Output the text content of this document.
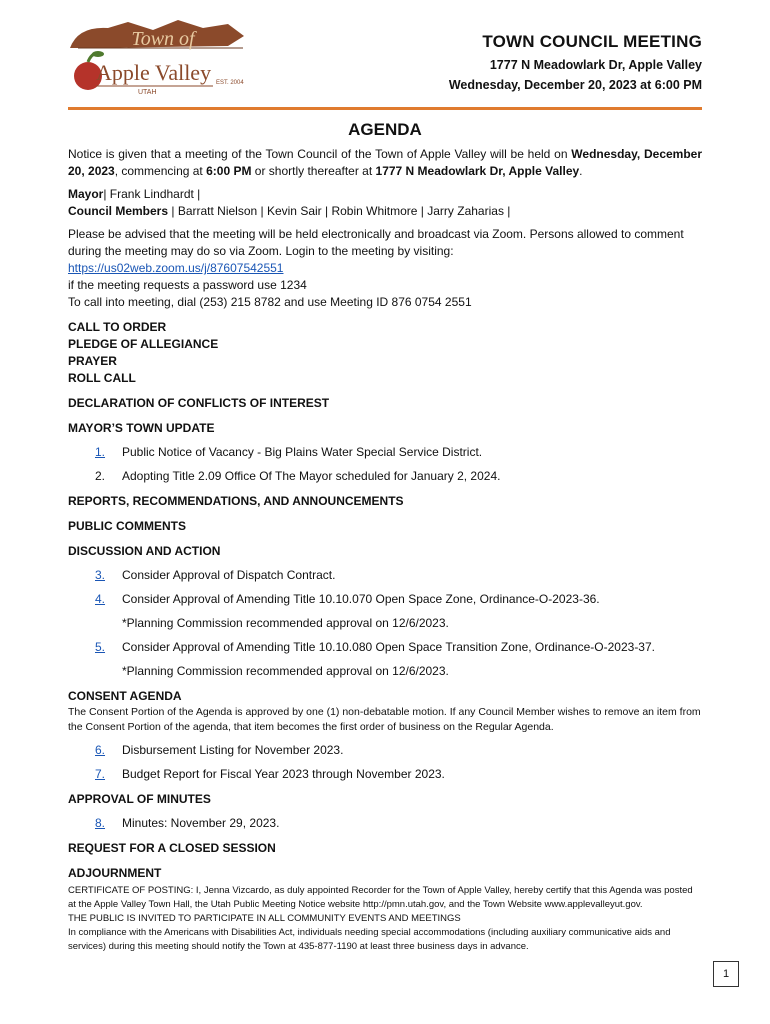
Town of
Apple Valley
UTAH
EST. 2004
TOWN COUNCIL MEETING
1777 N Meadowlark Dr, Apple Valley
Wednesday, December 20, 2023 at 6:00 PM
AGENDA

Notice is given that a meeting of the Town Council of the Town of Apple Valley will be held on Wednesday, December 20, 2023, commencing at 6:00 PM or shortly thereafter at 1777 N Meadowlark Dr, Apple Valley.

Mayor| Frank Lindhardt |

Council Members | Barratt Nielson | Kevin Sair | Robin Whitmore | Jarry Zaharias |

Please be advised that the meeting will be held electronically and broadcast via Zoom. Persons allowed to comment during the meeting may do so via Zoom. Login to the meeting by visiting:

https://us02web.zoom.us/j/87607542551

if the meeting requests a password use 1234

To call into meeting, dial (253) 215 8782 and use Meeting ID 876 0754 2551

CALL TO ORDER

PLEDGE OF ALLEGIANCE

PRAYER

ROLL CALL

DECLARATION OF CONFLICTS OF INTEREST

MAYOR’S TOWN UPDATE

1.	Public Notice of Vacancy - Big Plains Water Special Service District.
2.	Adopting Title 2.09 Office Of The Mayor scheduled for January 2, 2024.

REPORTS, RECOMMENDATIONS, AND ANNOUNCEMENTS

PUBLIC COMMENTS

DISCUSSION AND ACTION

3.	Consider Approval of Dispatch Contract.
4.	Consider Approval of Amending Title 10.10.070 Open Space Zone, Ordinance-O-2023-36.

*Planning Commission recommended approval on 12/6/2023.

5.	Consider Approval of Amending Title 10.10.080 Open Space Transition Zone, Ordinance-O-2023-37.

*Planning Commission recommended approval on 12/6/2023.

CONSENT AGENDA

The Consent Portion of the Agenda is approved by one (1) non-debatable motion. If any Council Member wishes to remove an item from the Consent Portion of the agenda, that item becomes the first order of business on the Regular Agenda.

6.	Disbursement Listing for November 2023.
7.	Budget Report for Fiscal Year 2023 through November 2023.

APPROVAL OF MINUTES

8.	Minutes: November 29, 2023.

REQUEST FOR A CLOSED SESSION

ADJOURNMENT

CERTIFICATE OF POSTING: I, Jenna Vizcardo, as duly appointed Recorder for the Town of Apple Valley, hereby certify that this Agenda was posted at the Apple Valley Town Hall, the Utah Public Meeting Notice website http://pmn.utah.gov, and the Town Website www.applevalleyut.gov.

THE PUBLIC IS INVITED TO PARTICIPATE IN ALL COMMUNITY EVENTS AND MEETINGS

In compliance with the Americans with Disabilities Act, individuals needing special accommodations (including auxiliary communicative aids and services) during this meeting should notify the Town at 435-877-1190 at least three business days in advance.

1
